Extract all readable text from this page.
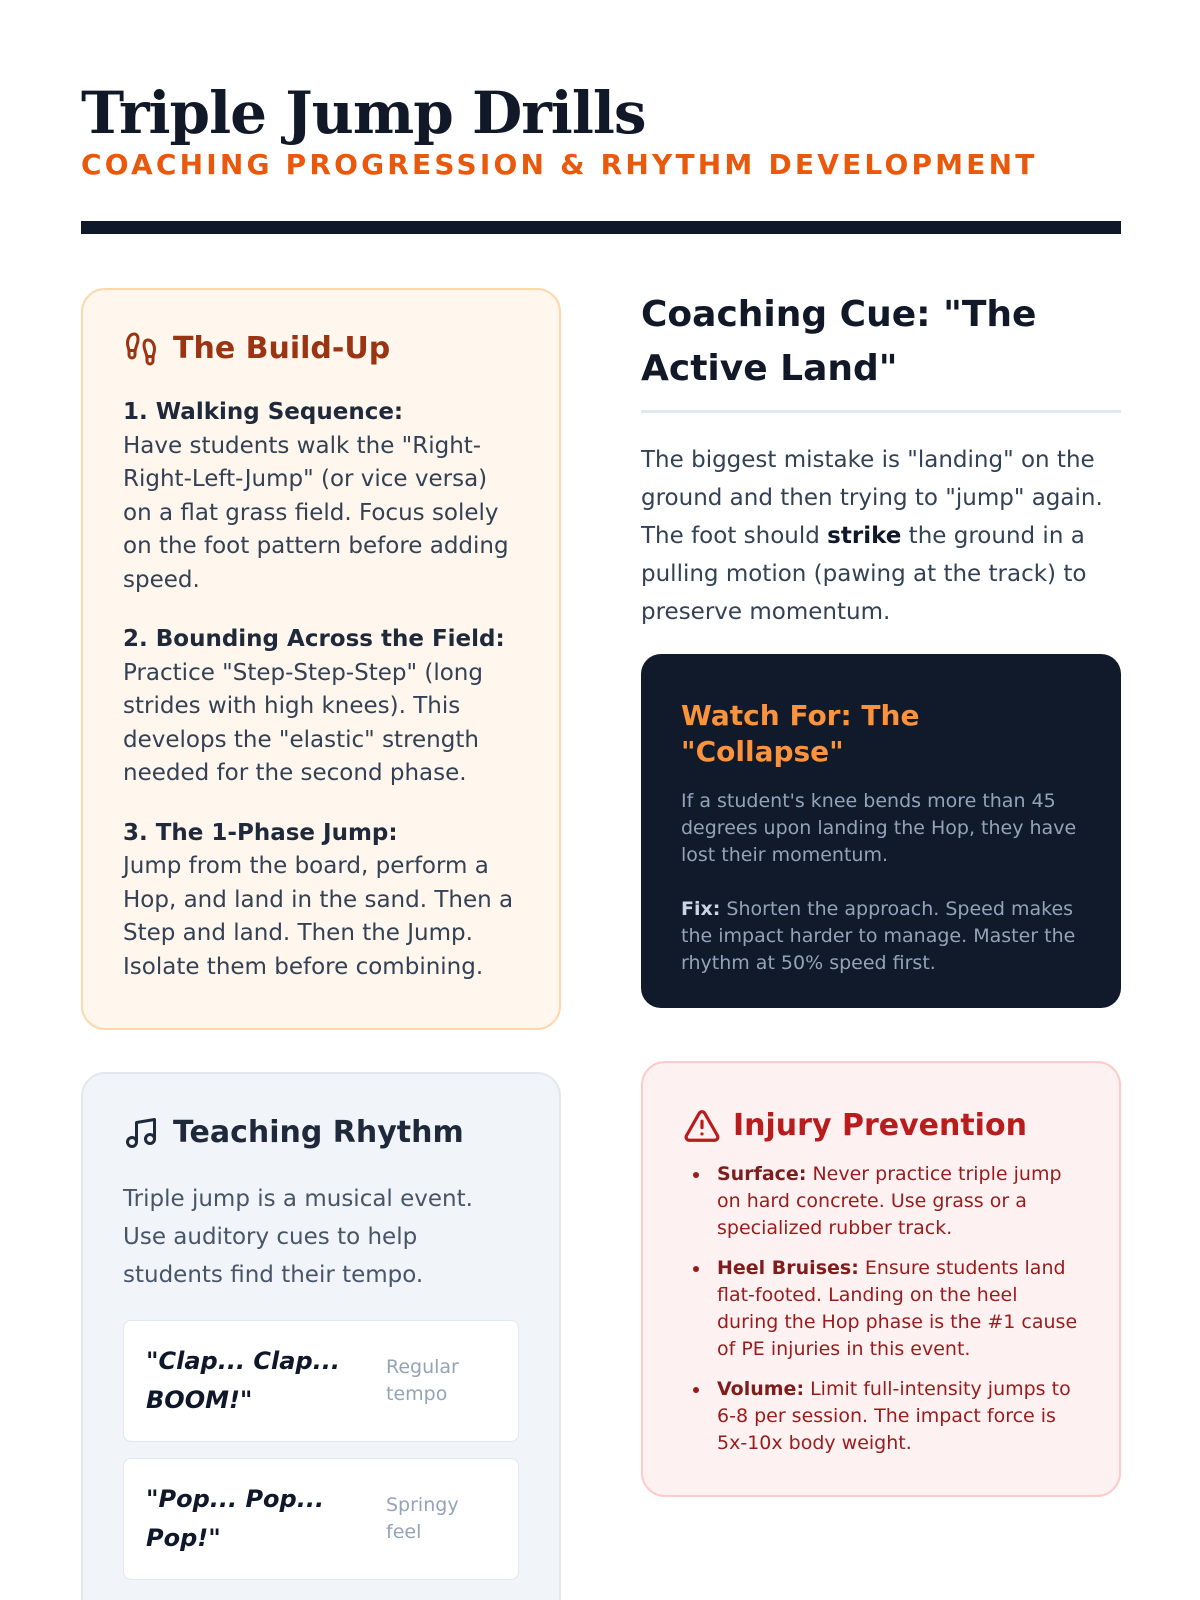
Triple Jump Drills
COACHING PROGRESSION & RHYTHM DEVELOPMENT
The Build-Up
1. Walking Sequence:
Have students walk the "Right-Right-Left-Jump" (or vice versa) on a flat grass field. Focus solely on the foot pattern before adding speed.
2. Bounding Across the Field:
Practice "Step-Step-Step" (long strides with high knees). This develops the "elastic" strength needed for the second phase.
3. The 1-Phase Jump:
Jump from the board, perform a Hop, and land in the sand. Then a Step and land. Then the Jump. Isolate them before combining.
Coaching Cue: "The Active Land"

The biggest mistake is "landing" on the ground and then trying to "jump" again. The foot should strike the ground in a pulling motion (pawing at the track) to preserve momentum.

Watch For: The "Collapse"

If a student's knee bends more than 45 degrees upon landing the Hop, they have lost their momentum.

Fix: Shorten the approach. Speed makes the impact harder to manage. Master the rhythm at 50% speed first.

Teaching Rhythm

Triple jump is a musical event. Use auditory cues to help students find their tempo.

"Clap... Clap... BOOM!"
Regular tempo
"Pop... Pop... Pop!"
Springy feel
Injury Prevention
Surface: Never practice triple jump on hard concrete. Use grass or a specialized rubber track.
Heel Bruises: Ensure students land flat-footed. Landing on the heel during the Hop phase is the #1 cause of PE injuries in this event.
Volume: Limit full-intensity jumps to 6-8 per session. The impact force is 5x-10x body weight.
